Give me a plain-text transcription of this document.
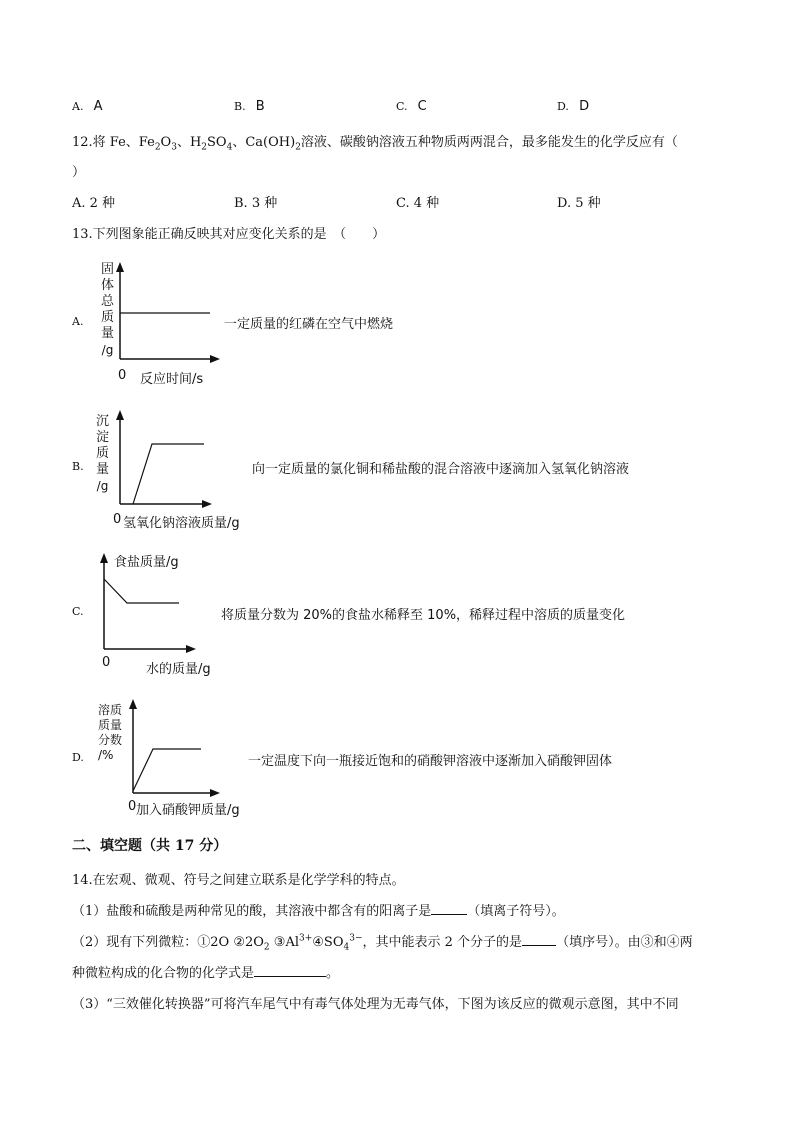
A. A	B. B	C. C	D. D
12.将 Fe、$Fe_2O_3$、$H_2SO_4$、$Ca(OH)_2$溶液、碳酸钠溶液五种物质两两混合，最多能发生的化学反应有（
）
A. 2 种	B. 3 种	C. 4 种	D. 5 种
13.下列图象能正确反映其对应变化关系的是　（　　）
A.
固
体
总
质
量
/g
0 反应时间/s
一定质量的红磷在空气中燃烧
B.
沉
淀
质
量
/g
0 氢氧化钠溶液质量/g
向一定质量的氯化铜和稀盐酸的混合溶液中逐滴加入氢氧化钠溶液
C.
食盐质量/g
0	水的质量/g
将质量分数为 20%的食盐水稀释至 10%，稀释过程中溶质的质量变化
D.
溶质
质量
分数
/%
0 加入硝酸钾质量/g
一定温度下向一瓶接近饱和的硝酸钾溶液中逐渐加入硝酸钾固体
二、填空题（共 17 分）
14.在宏观、微观、符号之间建立联系是化学学科的特点。
（1）盐酸和硫酸是两种常见的酸，其溶液中都含有的阳离子是	（填离子符号）。
（2）现有下列微粒：①2O $②2O_2$ $③Al^{3+}④SO_4^{3-}$，其中能表示 2 个分子的是	（填序号）。由③和④两
种微粒构成的化合物的化学式是	。
（3）“三效催化转换器”可将汽车尾气中有毒气体处理为无毒气体，下图为该反应的微观示意图，其中不同
